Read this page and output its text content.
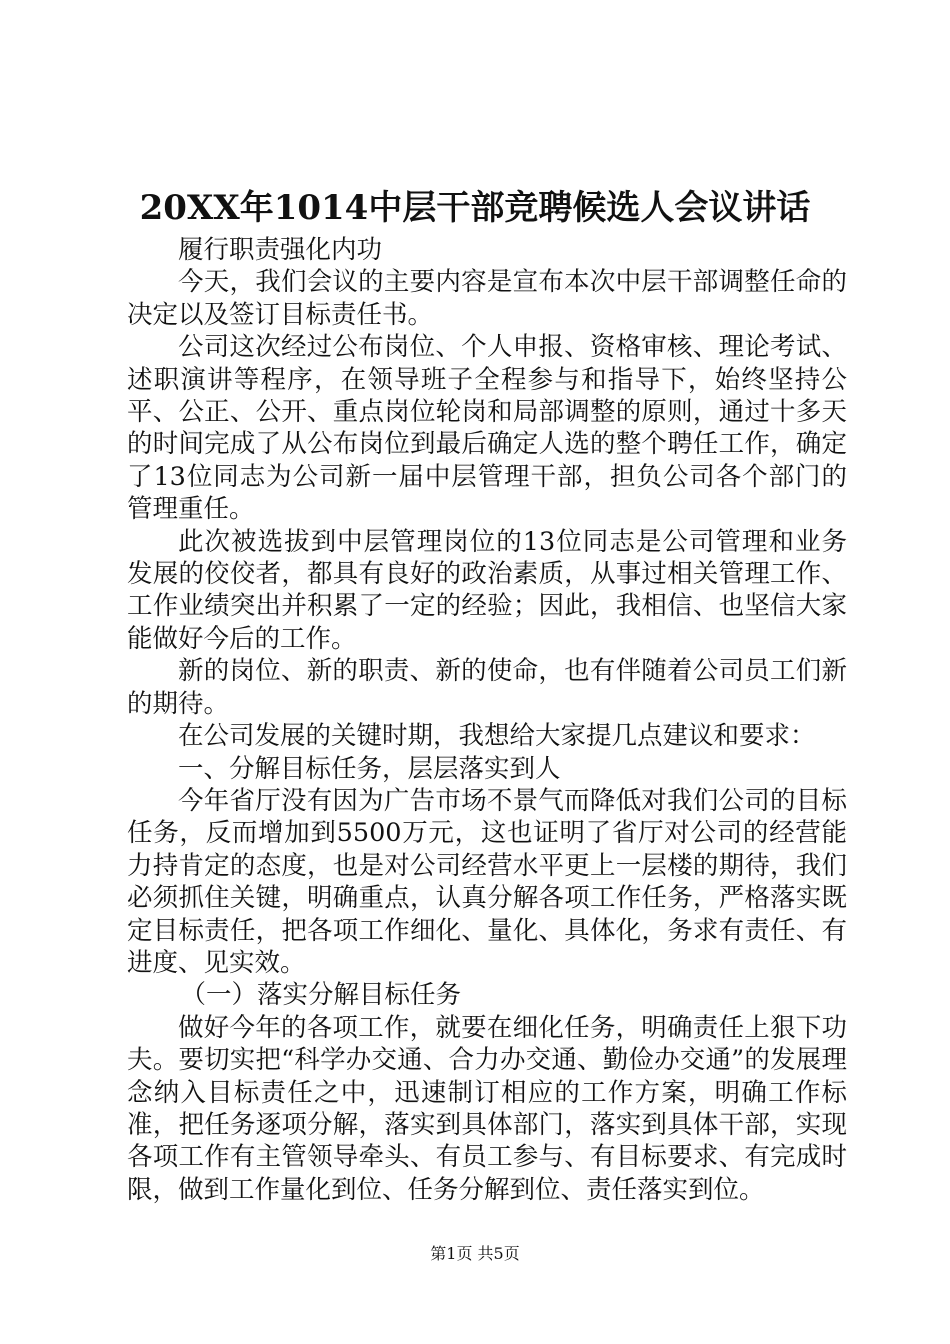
20XX年1014中层干部竞聘候选人会议讲话

履行职责强化内功

今天，我们会议的主要内容是宣布本次中层干部调整任命的决定以及签订目标责任书。

公司这次经过公布岗位、个人申报、资格审核、理论考试、述职演讲等程序，在领导班子全程参与和指导下，始终坚持公平、公正、公开、重点岗位轮岗和局部调整的原则，通过十多天的时间完成了从公布岗位到最后确定人选的整个聘任工作，确定了13位同志为公司新一届中层管理干部，担负公司各个部门的管理重任。

此次被选拔到中层管理岗位的13位同志是公司管理和业务发展的佼佼者，都具有良好的政治素质，从事过相关管理工作、工作业绩突出并积累了一定的经验；因此，我相信、也坚信大家能做好今后的工作。

新的岗位、新的职责、新的使命，也有伴随着公司员工们新的期待。

在公司发展的关键时期，我想给大家提几点建议和要求：

一、分解目标任务，层层落实到人

今年省厅没有因为广告市场不景气而降低对我们公司的目标任务，反而增加到5500万元，这也证明了省厅对公司的经营能力持肯定的态度，也是对公司经营水平更上一层楼的期待，我们必须抓住关键，明确重点，认真分解各项工作任务，严格落实既定目标责任，把各项工作细化、量化、具体化，务求有责任、有进度、见实效。

（一）落实分解目标任务

做好今年的各项工作，就要在细化任务，明确责任上狠下功夫。要切实把“科学办交通、合力办交通、勤俭办交通”的发展理念纳入目标责任之中，迅速制订相应的工作方案，明确工作标准，把任务逐项分解，落实到具体部门，落实到具体干部，实现各项工作有主管领导牵头、有员工参与、有目标要求、有完成时限，做到工作量化到位、任务分解到位、责任落实到位。

第1页 共5页
